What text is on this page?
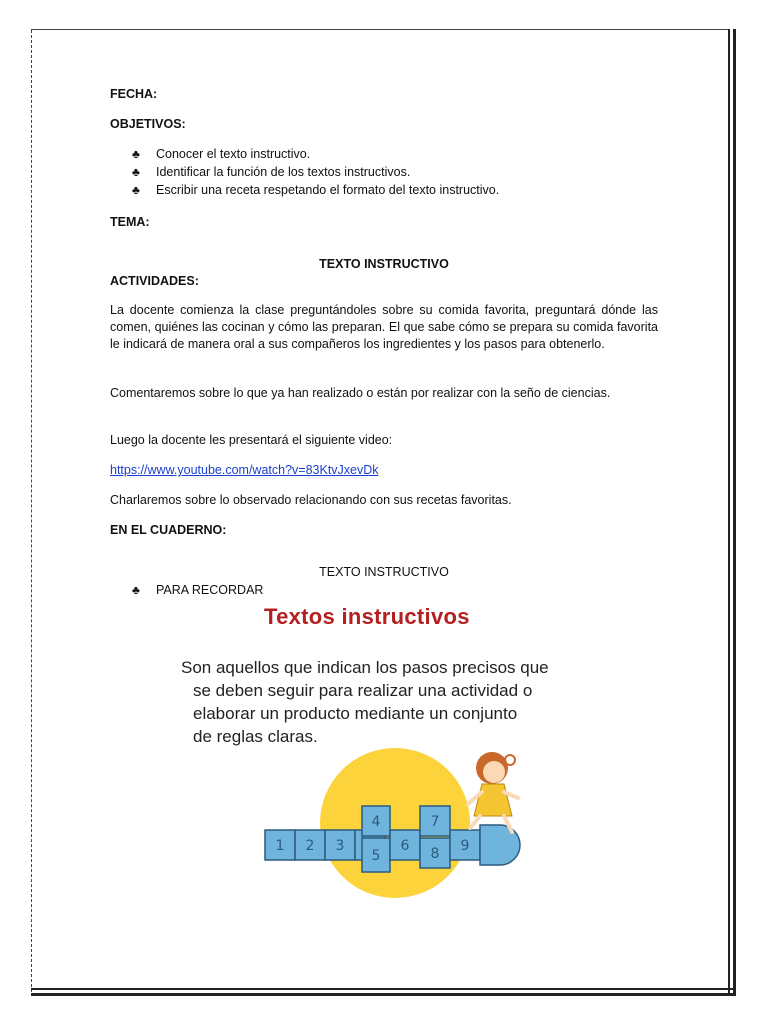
FECHA:

OBJETIVOS:

♣ Conocer el texto instructivo.
♣ Identificar la función de los textos instructivos.
♣ Escribir una receta respetando el formato del texto instructivo.

TEMA:

TEXTO INSTRUCTIVO

ACTIVIDADES:

La docente comienza la clase preguntándoles sobre su comida favorita, preguntará dónde las comen, quiénes las cocinan y cómo las preparan. El que sabe cómo se prepara su comida favorita le indicará de manera oral a sus compañeros los ingredientes y los pasos para obtenerlo.

Comentaremos sobre lo que ya han realizado o están por realizar con la seño de ciencias.

Luego la docente les presentará el siguiente video:

https://www.youtube.com/watch?v=83KtvJxevDk

Charlaremos sobre lo observado relacionando con sus recetas favoritas.

EN EL CUADERNO:

TEXTO INSTRUCTIVO

♣ PARA RECORDAR
Textos instructivos
Son aquellos que indican los pasos precisos que
se deben seguir para realizar una actividad o
elaborar un producto mediante un conjunto
de reglas claras.
1 2 3
4
5
6
7
8 9
